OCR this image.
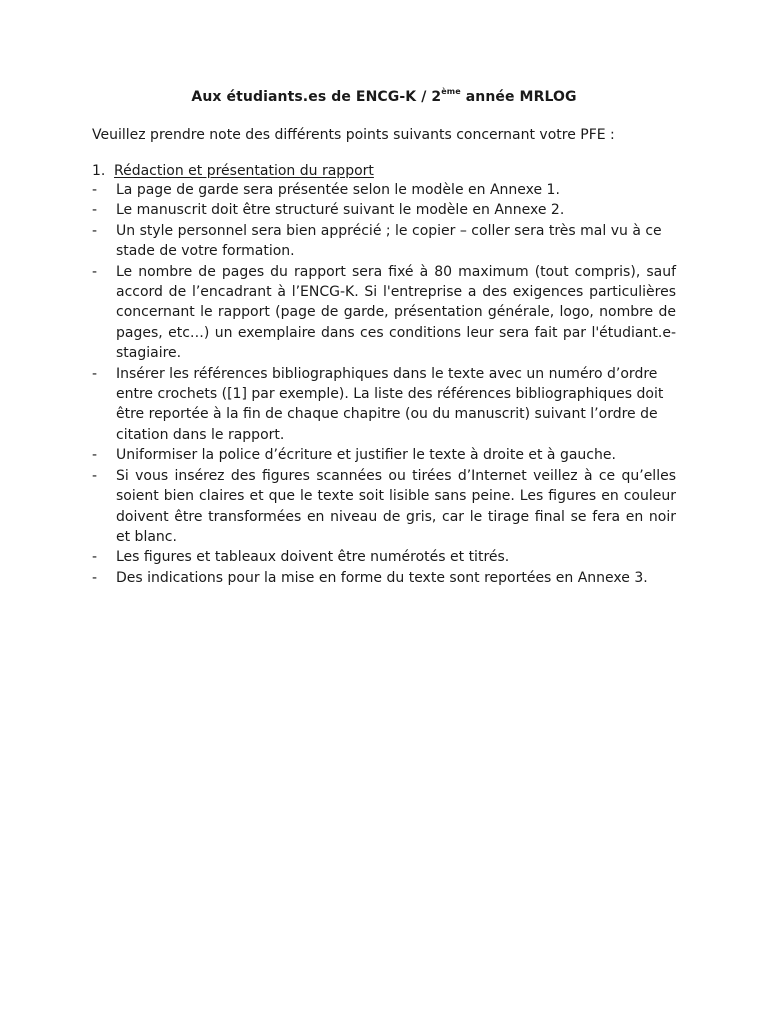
Aux étudiants.es de ENCG-K / 2ème année MRLOG

Veuillez prendre note des différents points suivants concernant votre PFE :

1. Rédaction et présentation du rapport
-	La page de garde sera présentée selon le modèle en Annexe 1.
-	Le manuscrit doit être structuré suivant le modèle en Annexe 2.
-	Un style personnel sera bien apprécié ; le copier – coller sera très mal vu à ce stade de votre formation.
-	Le nombre de pages du rapport sera fixé à 80 maximum (tout compris), sauf accord de l’encadrant à l’ENCG-K. Si l'entreprise a des exigences particulières concernant le rapport (page de garde, présentation générale, logo, nombre de pages, etc…) un exemplaire dans ces conditions leur sera fait par l'étudiant.e- stagiaire.
-	Insérer les références bibliographiques dans le texte avec un numéro d’ordre entre crochets ([1] par exemple). La liste des références bibliographiques doit être reportée à la fin de chaque chapitre (ou du manuscrit) suivant l’ordre de citation dans le rapport.
-	Uniformiser la police d’écriture et justifier le texte à droite et à gauche.
-	Si vous insérez des figures scannées ou tirées d’Internet veillez à ce qu’elles soient bien claires et que le texte soit lisible sans peine. Les figures en couleur doivent être transformées en niveau de gris, car le tirage final se fera en noir et blanc.
-	Les figures et tableaux doivent être numérotés et titrés.
-	Des indications pour la mise en forme du texte sont reportées en Annexe 3.
